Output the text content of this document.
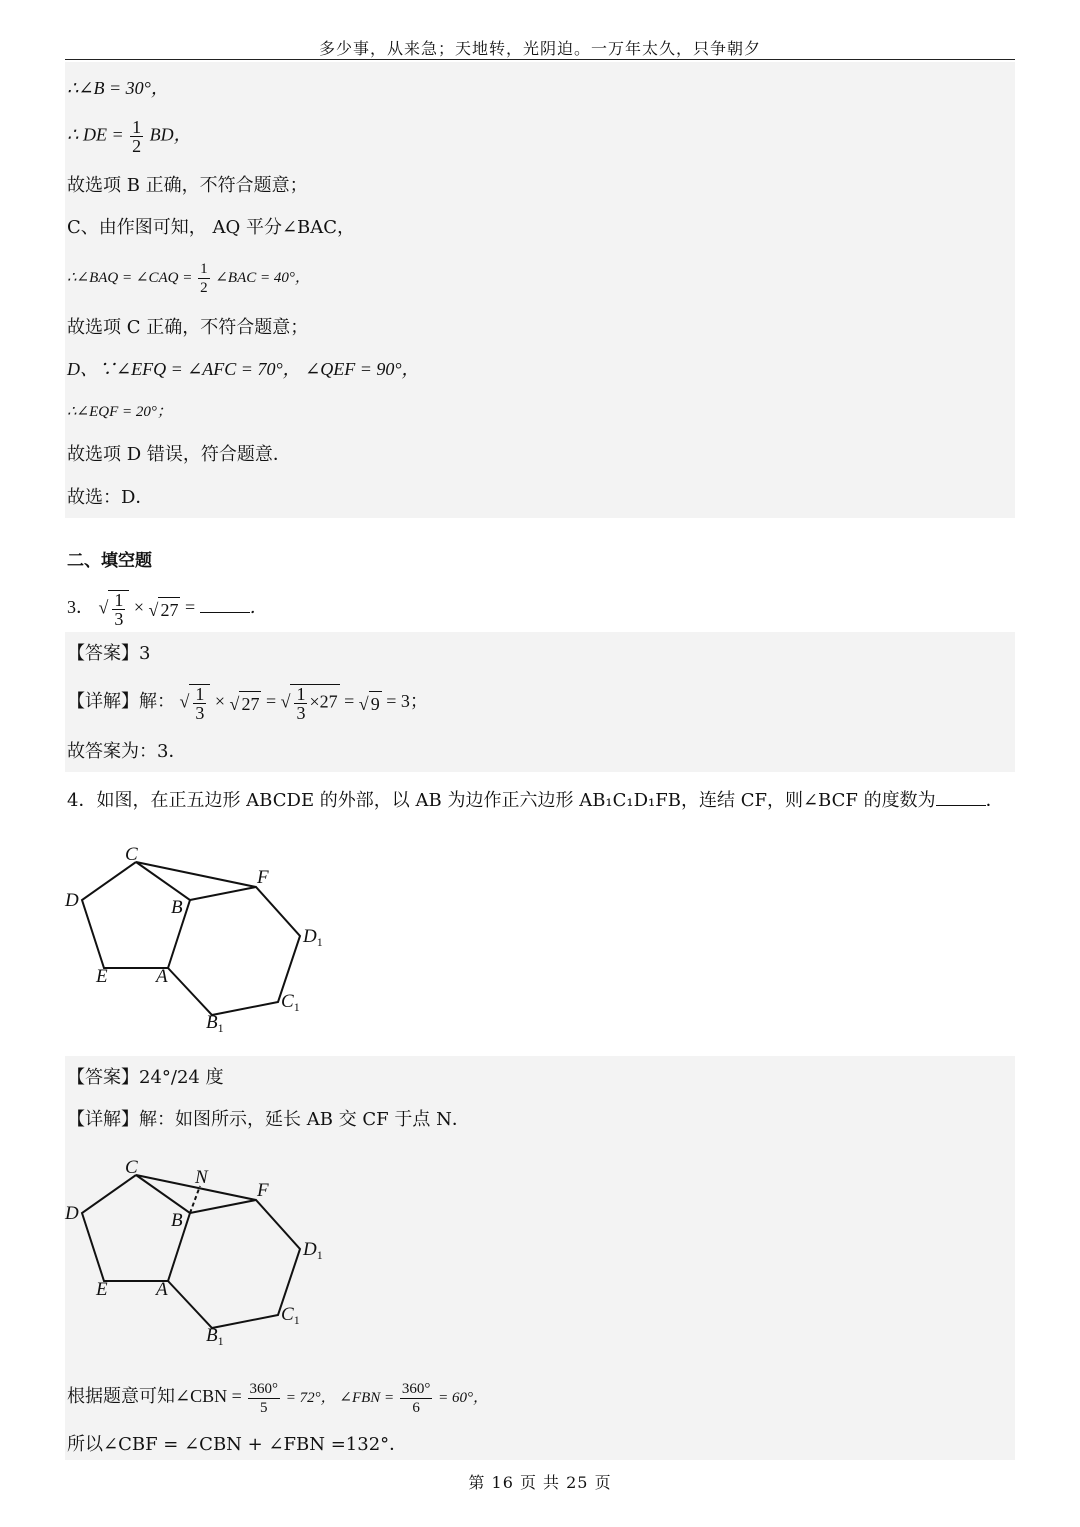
多少事，从来急；天地转，光阴迫。一万年太久，只争朝夕
∴∠B = 30°，
∴ DE = $\frac{1}{2}$ BD，
故选项 B 正确，不符合题意；
C、由作图可知， AQ 平分∠BAC，
∴∠BAQ = ∠CAQ = $\frac{1}{2}$ ∠BAC = 40°，
故选项 C 正确，不符合题意；
D、∵∠EFQ = ∠AFC = 70°， ∠QEF = 90°，
∴∠EQF = 20°；
故选项 D 错误，符合题意．
故选：D．
二、填空题
3． √ $\frac{1}{3}$ × √ 27 =	．
【答案】3
【详解】解： √ $\frac{1}{3}$ × √ 27 = √ $\frac{1}{3} \times 27$ = √ 9 = 3；
故答案为：3．
4．如图，在正五边形 ABCDE 的外部，以 AB 为边作正六边形 AB₁C₁D₁FB，连结 CF，则∠BCF 的度数为	．
C
F
D	B
$D_1$
E	A
$C_1$
$B_1$
【答案】24°/24 度
【详解】解：如图所示，延长 AB 交 CF 于点 N．
C	N
F
D	B
$D_1$
E	A
$C_1$
$B_1$
根据题意可知∠CBN = $\frac{360^\circ}{5} = 72^\circ$， ∠FBN = $\frac{360^\circ}{6} = 60^\circ$，
所以∠CBF = ∠CBN + ∠FBN =132°．
第 16 页 共 25 页
